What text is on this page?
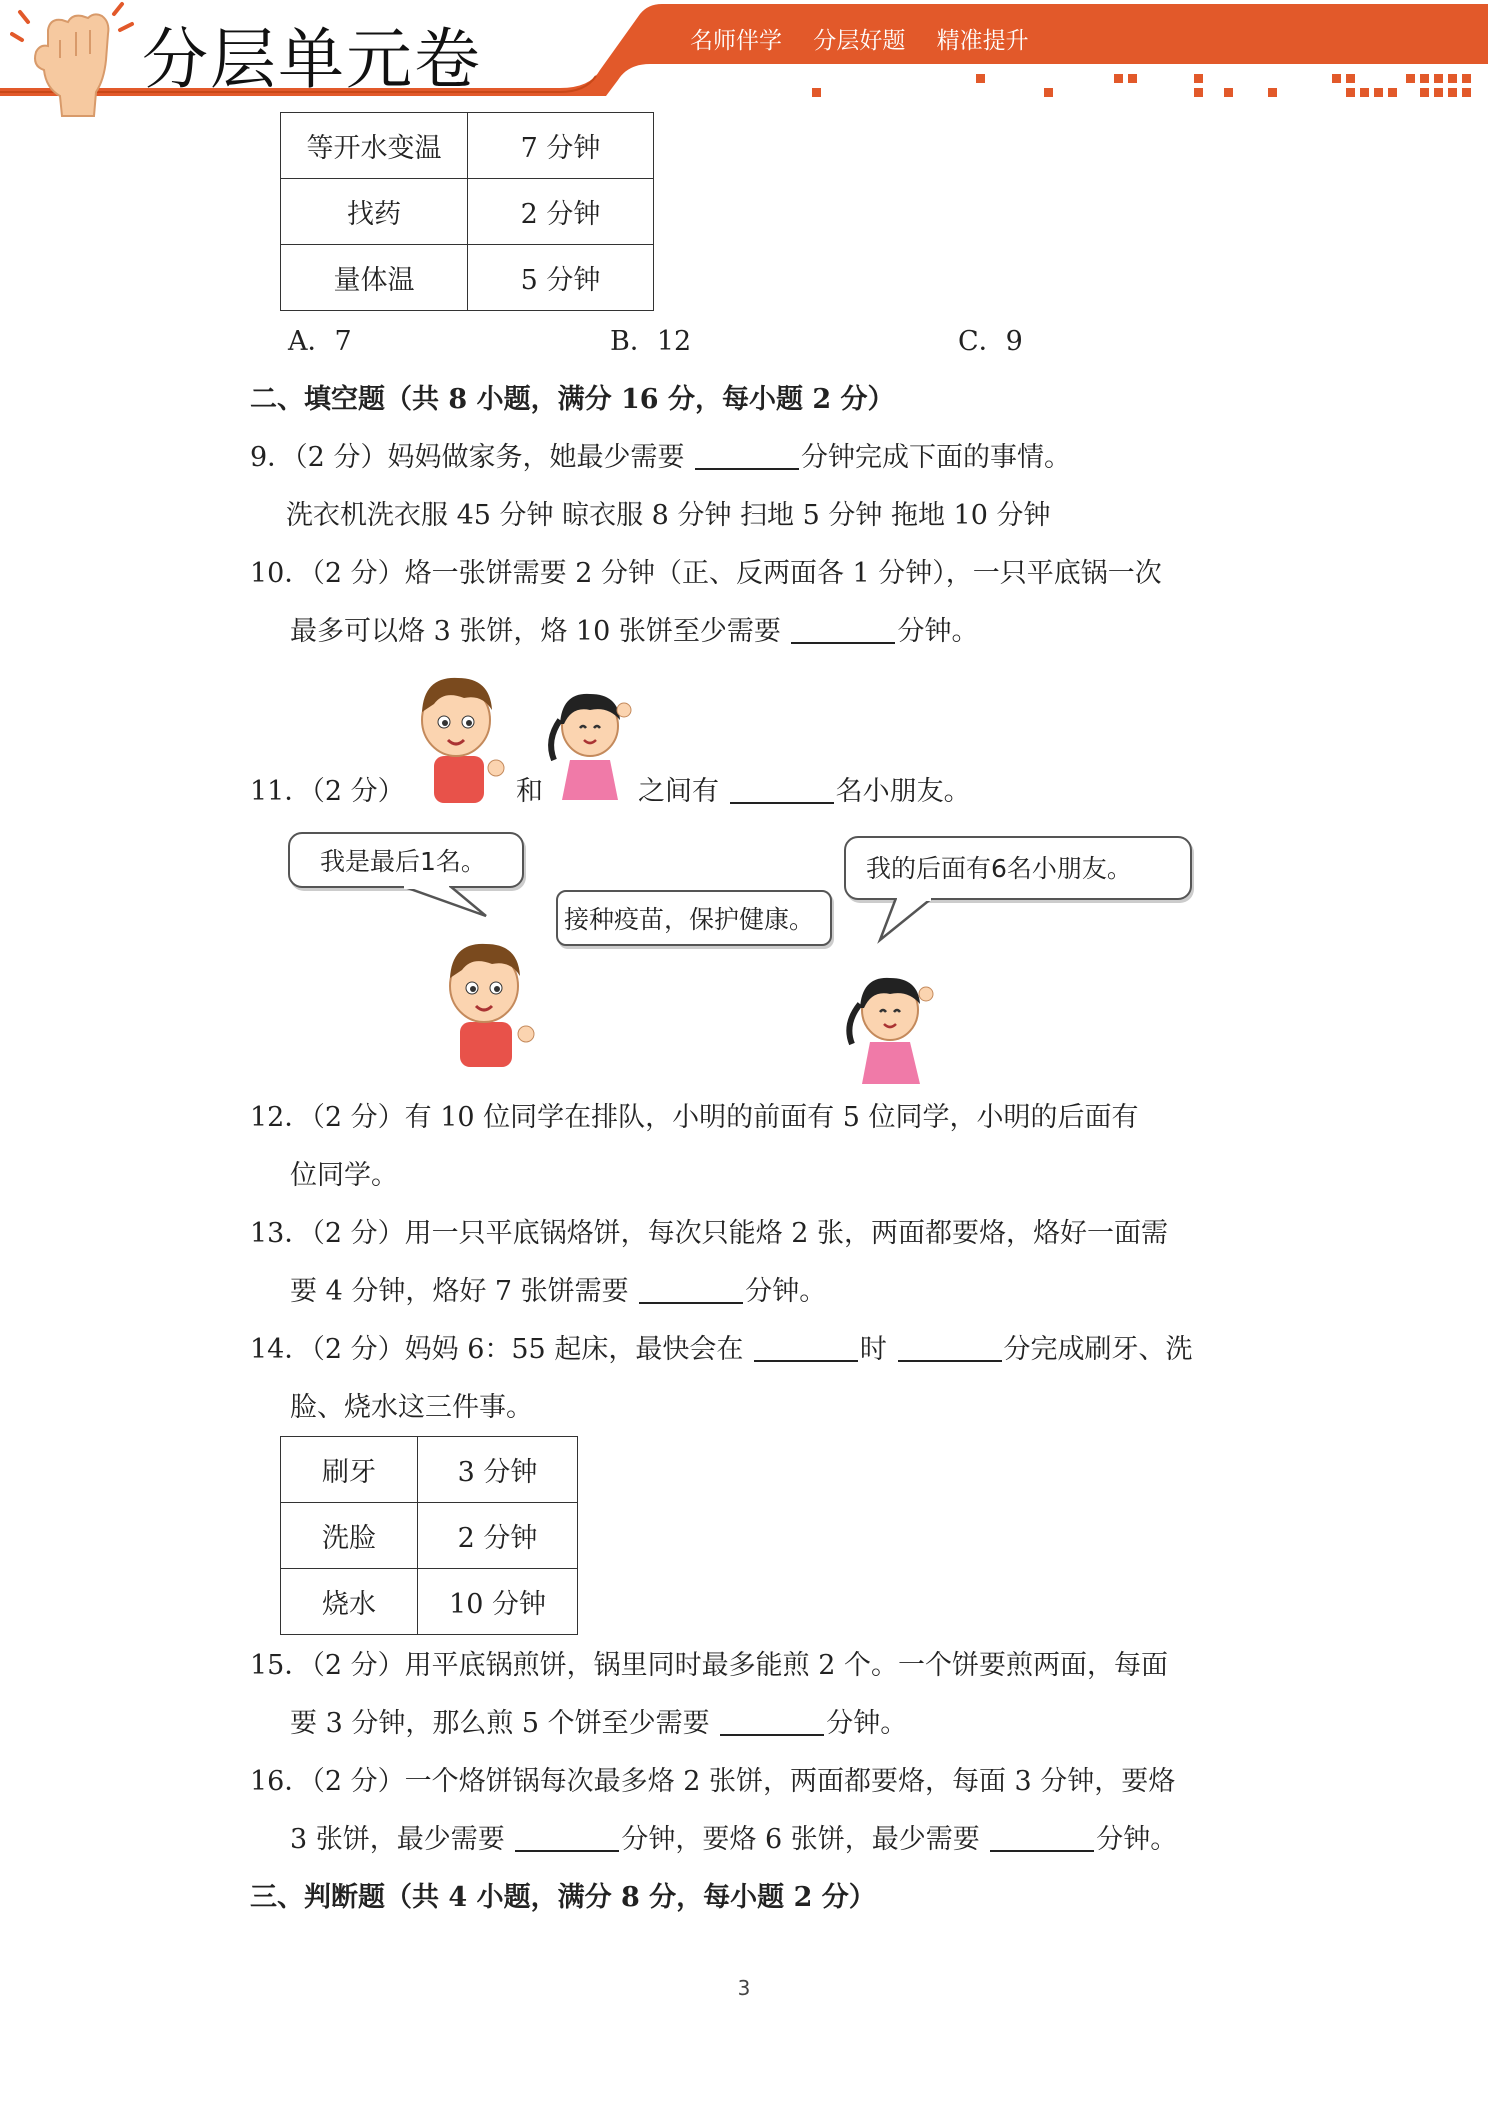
分层单元卷	名师伴学 分层好题 精准提升
等开水变温	7 分钟
找药	2 分钟
量体温	5 分钟
A．7	B．12	C．9
二、填空题（共 8 小题，满分 16 分，每小题 2 分）
9．（2 分）妈妈做家务，她最少需要	分钟完成下面的事情。
洗衣机洗衣服 45 分钟 晾衣服 8 分钟 扫地 5 分钟 拖地 10 分钟
10．（2 分）烙一张饼需要 2 分钟（正、反两面各 1 分钟），一只平底锅一次
最多可以烙 3 张饼，烙 10 张饼至少需要	分钟。
11．（2 分）	和	之间有	名小朋友。
我是最后1名。
接种疫苗，保护健康。
我的后面有6名小朋友。
12．（2 分）有 10 位同学在排队，小明的前面有 5 位同学，小明的后面有
位同学。
13．（2 分）用一只平底锅烙饼，每次只能烙 2 张，两面都要烙，烙好一面需
要 4 分钟，烙好 7 张饼需要	分钟。
14．（2 分）妈妈 6：55 起床，最快会在	时	分完成刷牙、洗
脸、烧水这三件事。
刷牙	3 分钟
洗脸	2 分钟
烧水	10 分钟
15．（2 分）用平底锅煎饼，锅里同时最多能煎 2 个。一个饼要煎两面，每面
要 3 分钟，那么煎 5 个饼至少需要	分钟。
16．（2 分）一个烙饼锅每次最多烙 2 张饼，两面都要烙，每面 3 分钟，要烙
3 张饼，最少需要	分钟，要烙 6 张饼，最少需要	分钟。
三、判断题（共 4 小题，满分 8 分，每小题 2 分）
3
